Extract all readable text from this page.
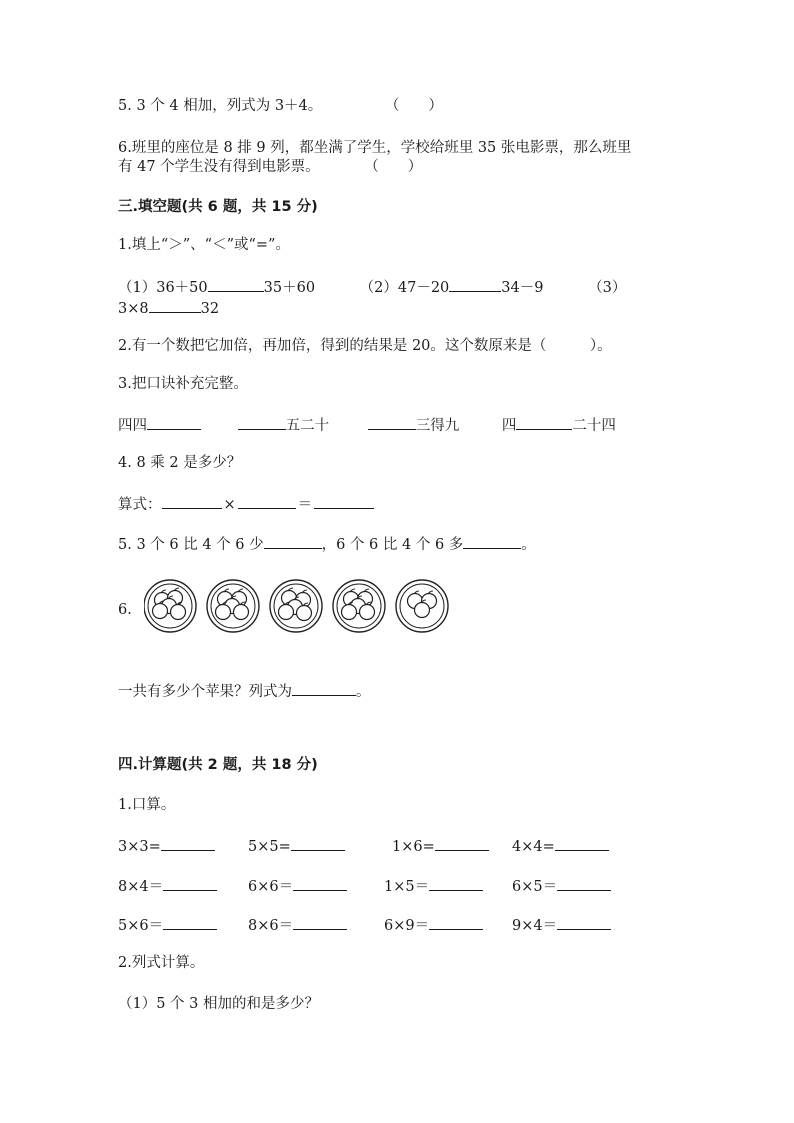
5. 3 个 4 相加，列式为 3＋4。	（　　）
6.班里的座位是 8 排 9 列，都坐满了学生，学校给班里 35 张电影票，那么班里
有 47 个学生没有得到电影票。	（　　）
三.填空题(共 6 题，共 15 分)
1.填上“＞”、“＜”或“=”。
（1）36＋50	35＋60	（2）47－20	34－9	（3）
3×8	32
2.有一个数把它加倍，再加倍，得到的结果是 20。这个数原来是（　　　）。
3.把口诀补充完整。
四四	五二十	三得九	四	二十四
4. 8 乘 2 是多少？
算式：	×	＝
5. 3 个 6 比 4 个 6 少	，6 个 6 比 4 个 6 多	。
6.
一共有多少个苹果？列式为	。
四.计算题(共 2 题，共 18 分)
1.口算。
3×3=	5×5=	1×6=	4×4=
8×4＝	6×6＝	1×5＝	6×5＝
5×6＝	8×6＝	6×9＝	9×4＝
2.列式计算。
（1）5 个 3 相加的和是多少？
